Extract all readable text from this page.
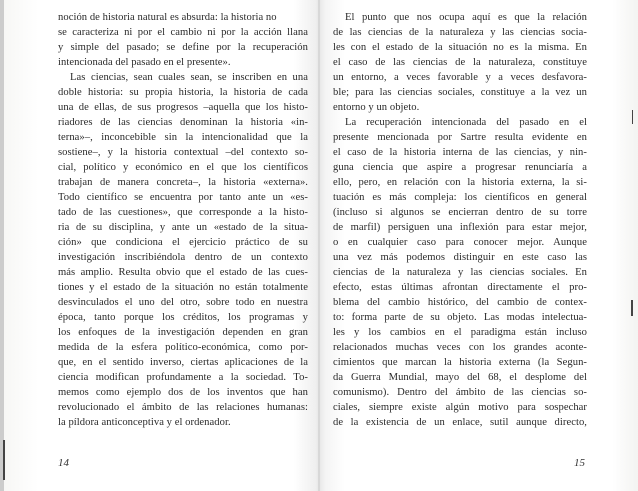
noción de historia natural es absurda: la historia no
se caracteriza ni por el cambio ni por la acción llana
y simple del pasado; se define por la recuperación
intencionada del pasado en el presente».
Las ciencias, sean cuales sean, se inscriben en una
doble historia: su propia historia, la historia de cada
una de ellas, de sus progresos –aquella que los histo-
riadores de las ciencias denominan la historia «in-
terna»–, inconcebible sin la intencionalidad que la
sostiene–, y la historia contextual –del contexto so-
cial, político y económico en el que los científicos
trabajan de manera concreta–, la historia «externa».
Todo científico se encuentra por tanto ante un «es-
tado de las cuestiones», que corresponde a la histo-
ria de su disciplina, y ante un «estado de la situa-
ción» que condiciona el ejercicio práctico de su
investigación inscribiéndola dentro de un contexto
más amplio. Resulta obvio que el estado de las cues-
tiones y el estado de la situación no están totalmente
desvinculados el uno del otro, sobre todo en nuestra
época, tanto porque los créditos, los programas y
los enfoques de la investigación dependen en gran
medida de la esfera político-económica, como por-
que, en el sentido inverso, ciertas aplicaciones de la
ciencia modifican profundamente a la sociedad. To-
memos como ejemplo dos de los inventos que han
revolucionado el ámbito de las relaciones humanas:
la píldora anticonceptiva y el ordenador.
14
El punto que nos ocupa aquí es que la relación
de las ciencias de la naturaleza y las ciencias socia-
les con el estado de la situación no es la misma. En
el caso de las ciencias de la naturaleza, constituye
un entorno, a veces favorable y a veces desfavora-
ble; para las ciencias sociales, constituye a la vez un
entorno y un objeto.
La recuperación intencionada del pasado en el
presente mencionada por Sartre resulta evidente en
el caso de la historia interna de las ciencias, y nin-
guna ciencia que aspire a progresar renunciaría a
ello, pero, en relación con la historia externa, la si-
tuación es más compleja: los científicos en general
(incluso si algunos se encierran dentro de su torre
de marfil) persiguen una inflexión para estar mejor,
o en cualquier caso para conocer mejor. Aunque
una vez más podemos distinguir en este caso las
ciencias de la naturaleza y las ciencias sociales. En
efecto, estas últimas afrontan directamente el pro-
blema del cambio histórico, del cambio de contex-
to: forma parte de su objeto. Las modas intelectua-
les y los cambios en el paradigma están incluso
relacionados muchas veces con los grandes aconte-
cimientos que marcan la historia externa (la Segun-
da Guerra Mundial, mayo del 68, el desplome del
comunismo). Dentro del ámbito de las ciencias so-
ciales, siempre existe algún motivo para sospechar
de la existencia de un enlace, sutil aunque directo,
15
